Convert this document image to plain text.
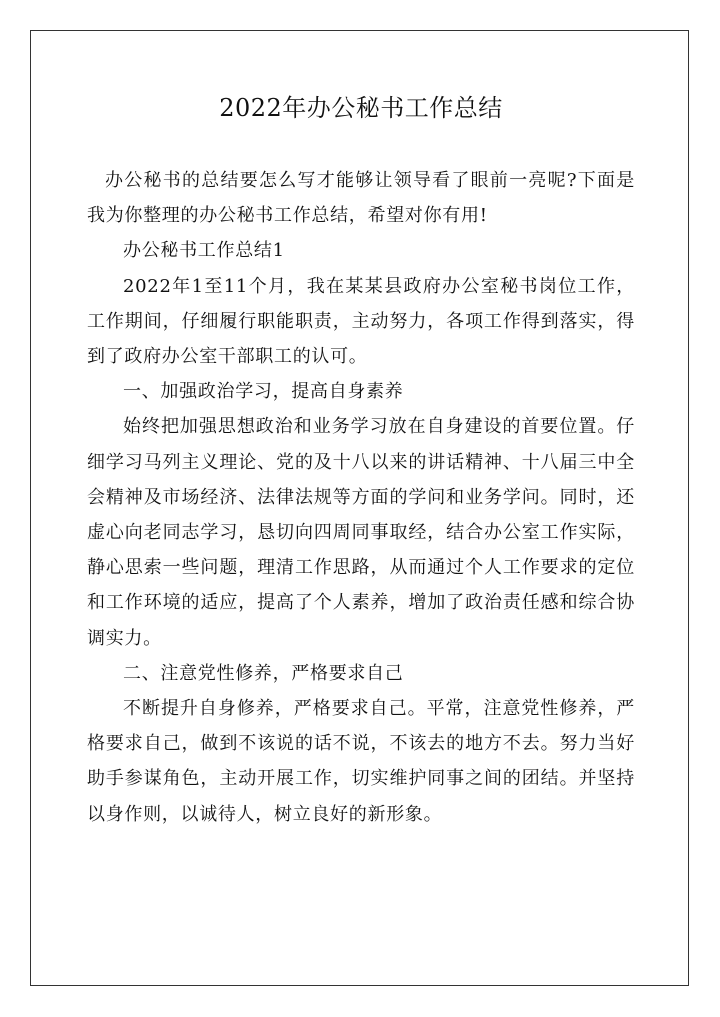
2022年办公秘书工作总结

办公秘书的总结要怎么写才能够让领导看了眼前一亮呢?下面是我为你整理的办公秘书工作总结，希望对你有用!

办公秘书工作总结1

2022年1至11个月，我在某某县政府办公室秘书岗位工作，工作期间，仔细履行职能职责，主动努力，各项工作得到落实，得到了政府办公室干部职工的认可。

一、加强政治学习，提高自身素养

始终把加强思想政治和业务学习放在自身建设的首要位置。仔细学习马列主义理论、党的及十八以来的讲话精神、十八届三中全会精神及市场经济、法律法规等方面的学问和业务学问。同时，还虚心向老同志学习，恳切向四周同事取经，结合办公室工作实际，静心思索一些问题，理清工作思路，从而通过个人工作要求的定位和工作环境的适应，提高了个人素养，增加了政治责任感和综合协调实力。

二、注意党性修养，严格要求自己

不断提升自身修养，严格要求自己。平常，注意党性修养，严格要求自己，做到不该说的话不说，不该去的地方不去。努力当好助手参谋角色，主动开展工作，切实维护同事之间的团结。并坚持以身作则，以诚待人，树立良好的新形象。
